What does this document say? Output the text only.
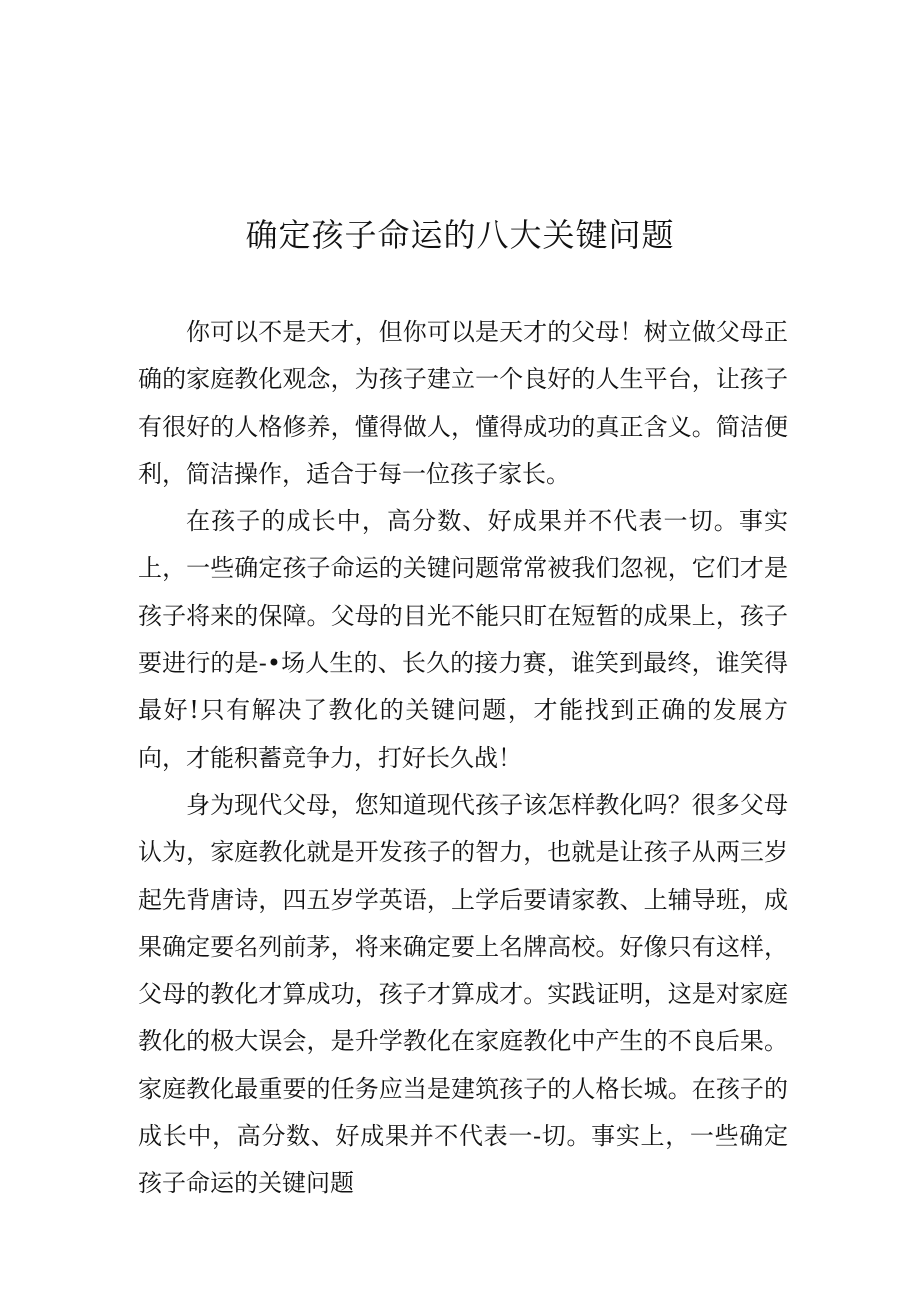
确定孩子命运的八大关键问题

你可以不是天才，但你可以是天才的父母！树立做父母正确的家庭教化观念，为孩子建立一个良好的人生平台，让孩子有很好的人格修养，懂得做人，懂得成功的真正含义。简洁便利，简洁操作，适合于每一位孩子家长。

在孩子的成长中，高分数、好成果并不代表一切。事实上，一些确定孩子命运的关键问题常常被我们忽视，它们才是孩子将来的保障。父母的目光不能只盯在短暂的成果上，孩子要进行的是-•场人生的、长久的接力赛，谁笑到最终，谁笑得最好!只有解决了教化的关键问题，才能找到正确的发展方向，才能积蓄竞争力，打好长久战！

身为现代父母，您知道现代孩子该怎样教化吗？很多父母认为，家庭教化就是开发孩子的智力，也就是让孩子从两三岁起先背唐诗，四五岁学英语，上学后要请家教、上辅导班，成果确定要名列前茅，将来确定要上名牌高校。好像只有这样，父母的教化才算成功，孩子才算成才。实践证明，这是对家庭教化的极大误会，是升学教化在家庭教化中产生的不良后果。家庭教化最重要的任务应当是建筑孩子的人格长城。在孩子的成长中，高分数、好成果并不代表一-切。事实上，一些确定孩子命运的关键问题
